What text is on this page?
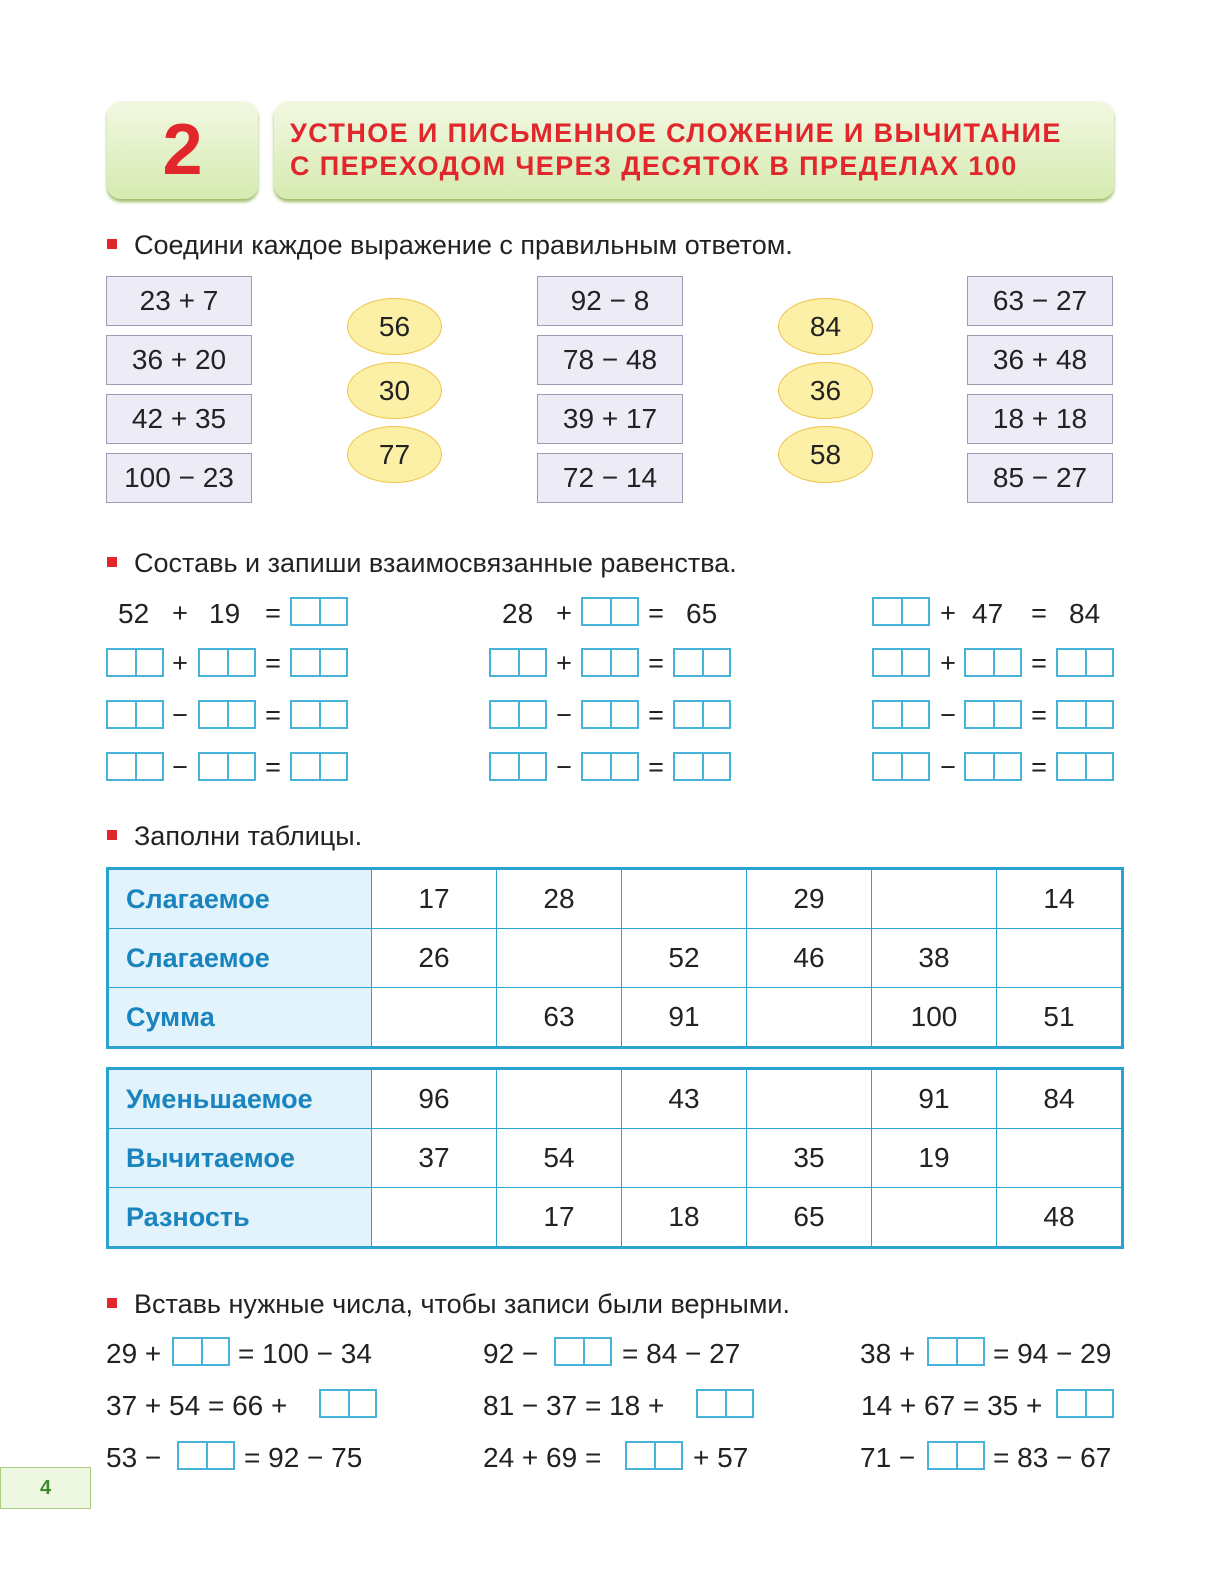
2	УСТНОЕ И ПИСЬМЕННОЕ СЛОЖЕНИЕ И ВЫЧИТАНИЕ
С ПЕРЕХОДОМ ЧЕРЕЗ ДЕСЯТОК В ПРЕДЕЛАХ 100
Соедини каждое выражение с правильным ответом.
23 + 7
36 + 20
42 + 35
100 − 23
56
30
77
92 − 8
78 − 48
39 + 17
72 − 14
84
36
58
63 − 27
36 + 48
18 + 18
85 − 27
Составь и запиши взаимосвязанные равенства.
52 + 19 =	28 +	= 65	+ 47 = 84
+	=
−	=
−	=
+	=
−	=
−	=
+	=
−	=
−	=
Заполни таблицы.
Слагаемое	17	28		29		14
Слагаемое	26		52	46	38	
Сумма		63	91		100	51
Уменьшаемое	96		43		91	84
Вычитаемое	37	54		35	19	
Разность		17	18	65		48
Вставь нужные числа, чтобы записи были верными.
29 +	= 100 − 34	92 −	= 84 − 27	38 +	= 94 − 29
37 + 54 = 66 +	81 − 37 = 18 +	14 + 67 = 35 +
53 −	= 92 − 75	24 + 69 =	+ 57	71 −	= 83 − 67
4
